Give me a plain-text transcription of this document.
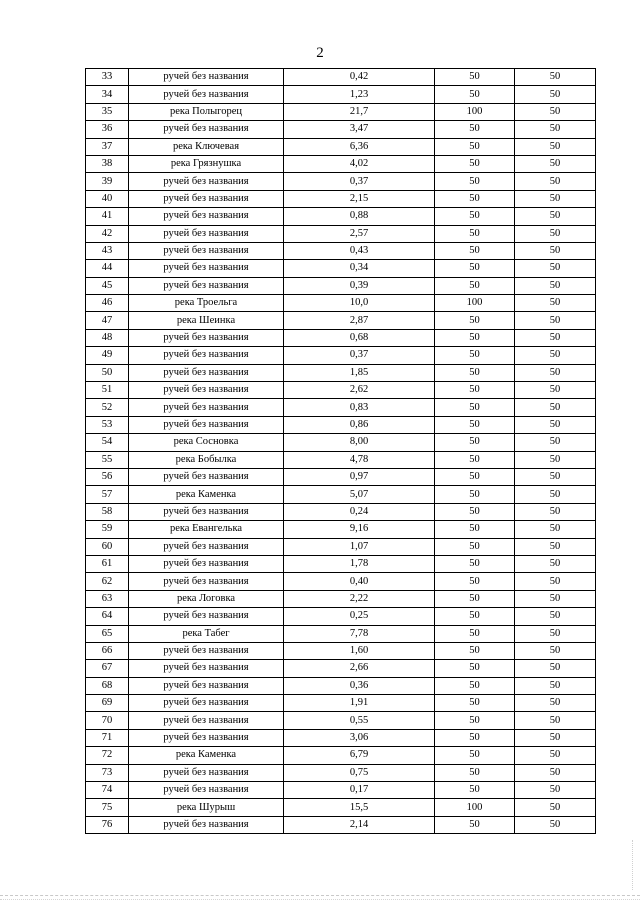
2
33	ручей без названия	0,42	50	50
34	ручей без названия	1,23	50	50
35	река Полыгорец	21,7	100	50
36	ручей без названия	3,47	50	50
37	река Ключевая	6,36	50	50
38	река Грязнушка	4,02	50	50
39	ручей без названия	0,37	50	50
40	ручей без названия	2,15	50	50
41	ручей без названия	0,88	50	50
42	ручей без названия	2,57	50	50
43	ручей без названия	0,43	50	50
44	ручей без названия	0,34	50	50
45	ручей без названия	0,39	50	50
46	река Троельга	10,0	100	50
47	река Шеинка	2,87	50	50
48	ручей без названия	0,68	50	50
49	ручей без названия	0,37	50	50
50	ручей без названия	1,85	50	50
51	ручей без названия	2,62	50	50
52	ручей без названия	0,83	50	50
53	ручей без названия	0,86	50	50
54	река Сосновка	8,00	50	50
55	река Бобылка	4,78	50	50
56	ручей без названия	0,97	50	50
57	река Каменка	5,07	50	50
58	ручей без названия	0,24	50	50
59	река Евангелька	9,16	50	50
60	ручей без названия	1,07	50	50
61	ручей без названия	1,78	50	50
62	ручей без названия	0,40	50	50
63	река Логовка	2,22	50	50
64	ручей без названия	0,25	50	50
65	река Табег	7,78	50	50
66	ручей без названия	1,60	50	50
67	ручей без названия	2,66	50	50
68	ручей без названия	0,36	50	50
69	ручей без названия	1,91	50	50
70	ручей без названия	0,55	50	50
71	ручей без названия	3,06	50	50
72	река Каменка	6,79	50	50
73	ручей без названия	0,75	50	50
74	ручей без названия	0,17	50	50
75	река Шурыш	15,5	100	50
76	ручей без названия	2,14	50	50
